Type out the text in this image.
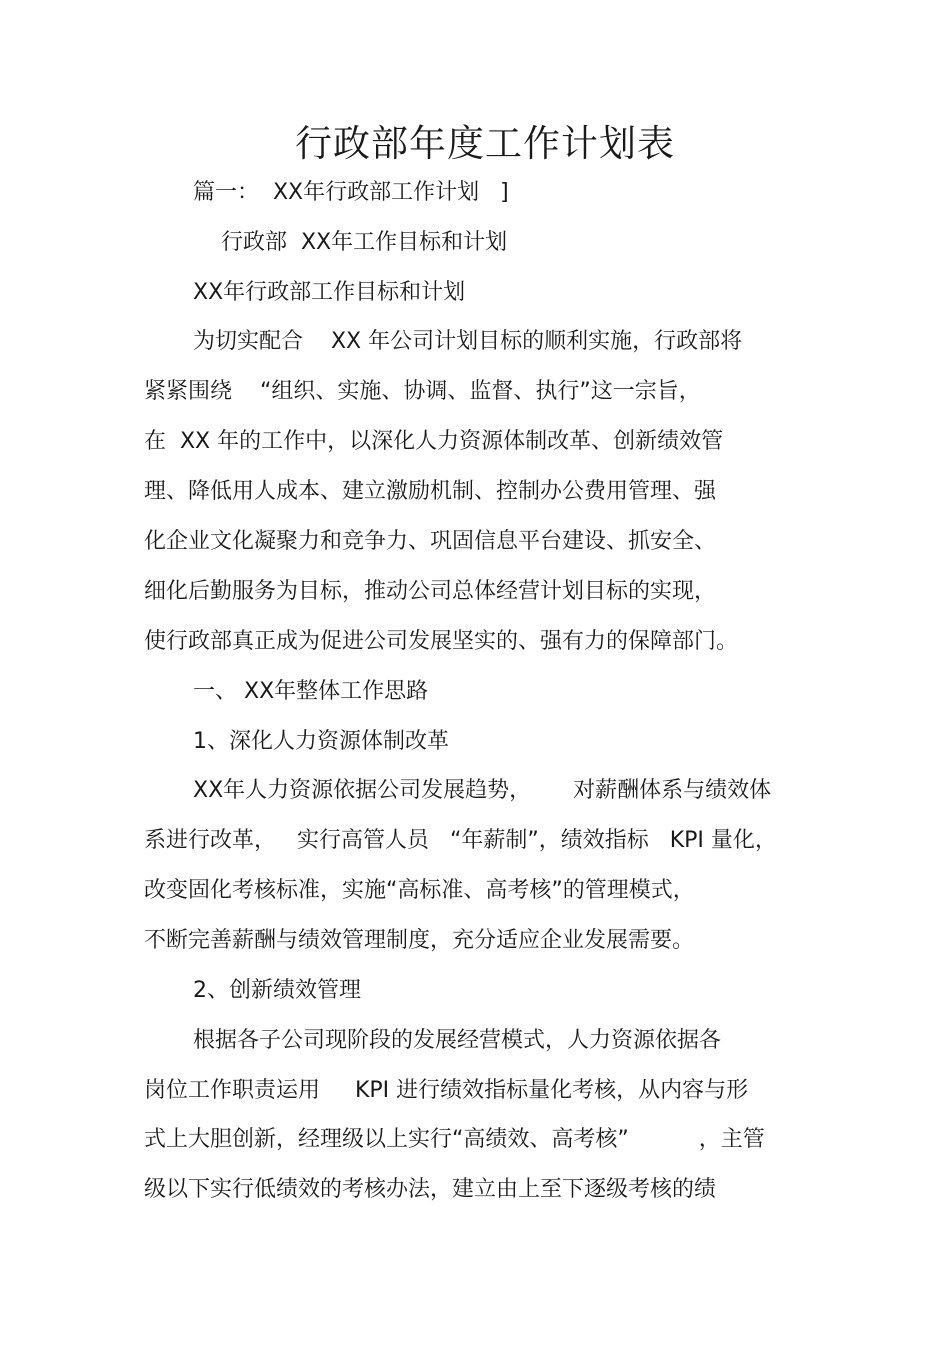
行政部年度工作计划表
篇一：  XX年行政部工作计划   ]
行政部  XX年工作目标和计划
XX年行政部工作目标和计划
为切实配合    XX 年公司计划目标的顺利实施，行政部将
紧紧围绕    “组织、实施、协调、监督、执行”这一宗旨，
在  XX 年的工作中，以深化人力资源体制改革、创新绩效管
理、降低用人成本、建立激励机制、控制办公费用管理、强
化企业文化凝聚力和竞争力、巩固信息平台建设、抓安全、
细化后勤服务为目标，推动公司总体经营计划目标的实现，
使行政部真正成为促进公司发展坚实的、强有力的保障部门。
一、 XX年整体工作思路
1、深化人力资源体制改革
XX年人力资源依据公司发展趋势，      对薪酬体系与绩效体
系进行改革，   实行高管人员   “年薪制”，绩效指标   KPI 量化，
改变固化考核标准，实施“高标准、高考核”的管理模式，
不断完善薪酬与绩效管理制度，充分适应企业发展需要。
2、创新绩效管理
根据各子公司现阶段的发展经营模式，人力资源依据各
岗位工作职责运用     KPI 进行绩效指标量化考核，从内容与形
式上大胆创新，经理级以上实行“高绩效、高考核”          ，主管
级以下实行低绩效的考核办法，建立由上至下逐级考核的绩
